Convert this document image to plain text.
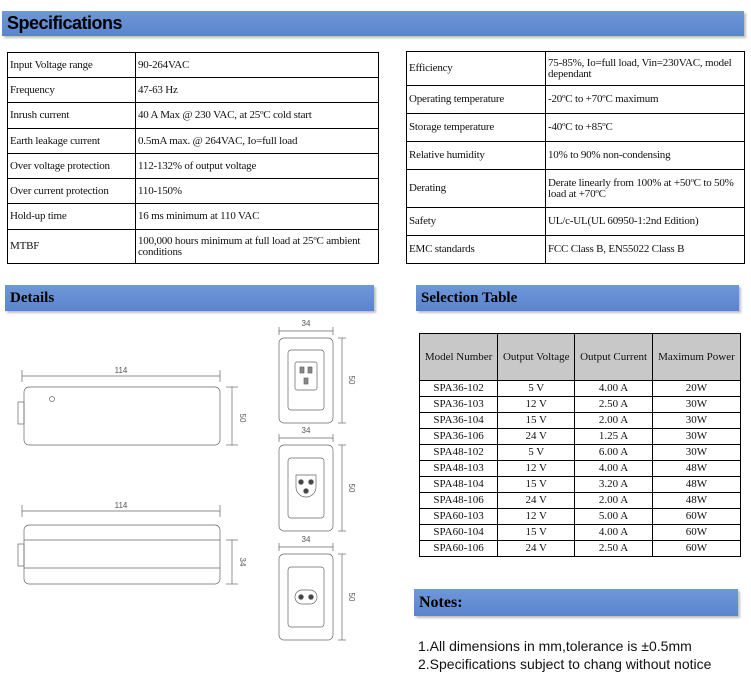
Specifications
Input Voltage range	90-264VAC
Frequency	47-63 Hz
Inrush current	40 A Max @ 230 VAC, at 25ºC cold start
Earth leakage current	0.5mA max. @ 264VAC, Io=full load
Over voltage protection	112-132% of output voltage
Over current protection	110-150%
Hold-up time	16 ms minimum at 110 VAC
MTBF	100,000 hours minimum at full load at 25ºC ambient conditions
Efficiency	75-85%, Io=full load, Vin=230VAC, model dependant
Operating temperature	-20ºC to +70ºC maximum
Storage temperature	-40ºC to +85ºC
Relative humidity	10% to 90% non-condensing
Derating	Derate linearly from 100% at +50ºC to 50% load at +70ºC
Safety	UL/c-UL(UL 60950-1:2nd Edition)
EMC standards	FCC Class B, EN55022 Class B
Details	Selection Table
114
50
114
34
34
50
34
50
34
50
Model Number	Output Voltage	Output Current	Maximum Power
SPA36-102	5 V	4.00 A	20W
SPA36-103	12 V	2.50 A	30W
SPA36-104	15 V	2.00 A	30W
SPA36-106	24 V	1.25 A	30W
SPA48-102	5 V	6.00 A	30W
SPA48-103	12 V	4.00 A	48W
SPA48-104	15 V	3.20 A	48W
SPA48-106	24 V	2.00 A	48W
SPA60-103	12 V	5.00 A	60W
SPA60-104	15 V	4.00 A	60W
SPA60-106	24 V	2.50 A	60W
Notes:
1.All dimensions in mm,tolerance is ±0.5mm
2.Specifications subject to chang without notice
